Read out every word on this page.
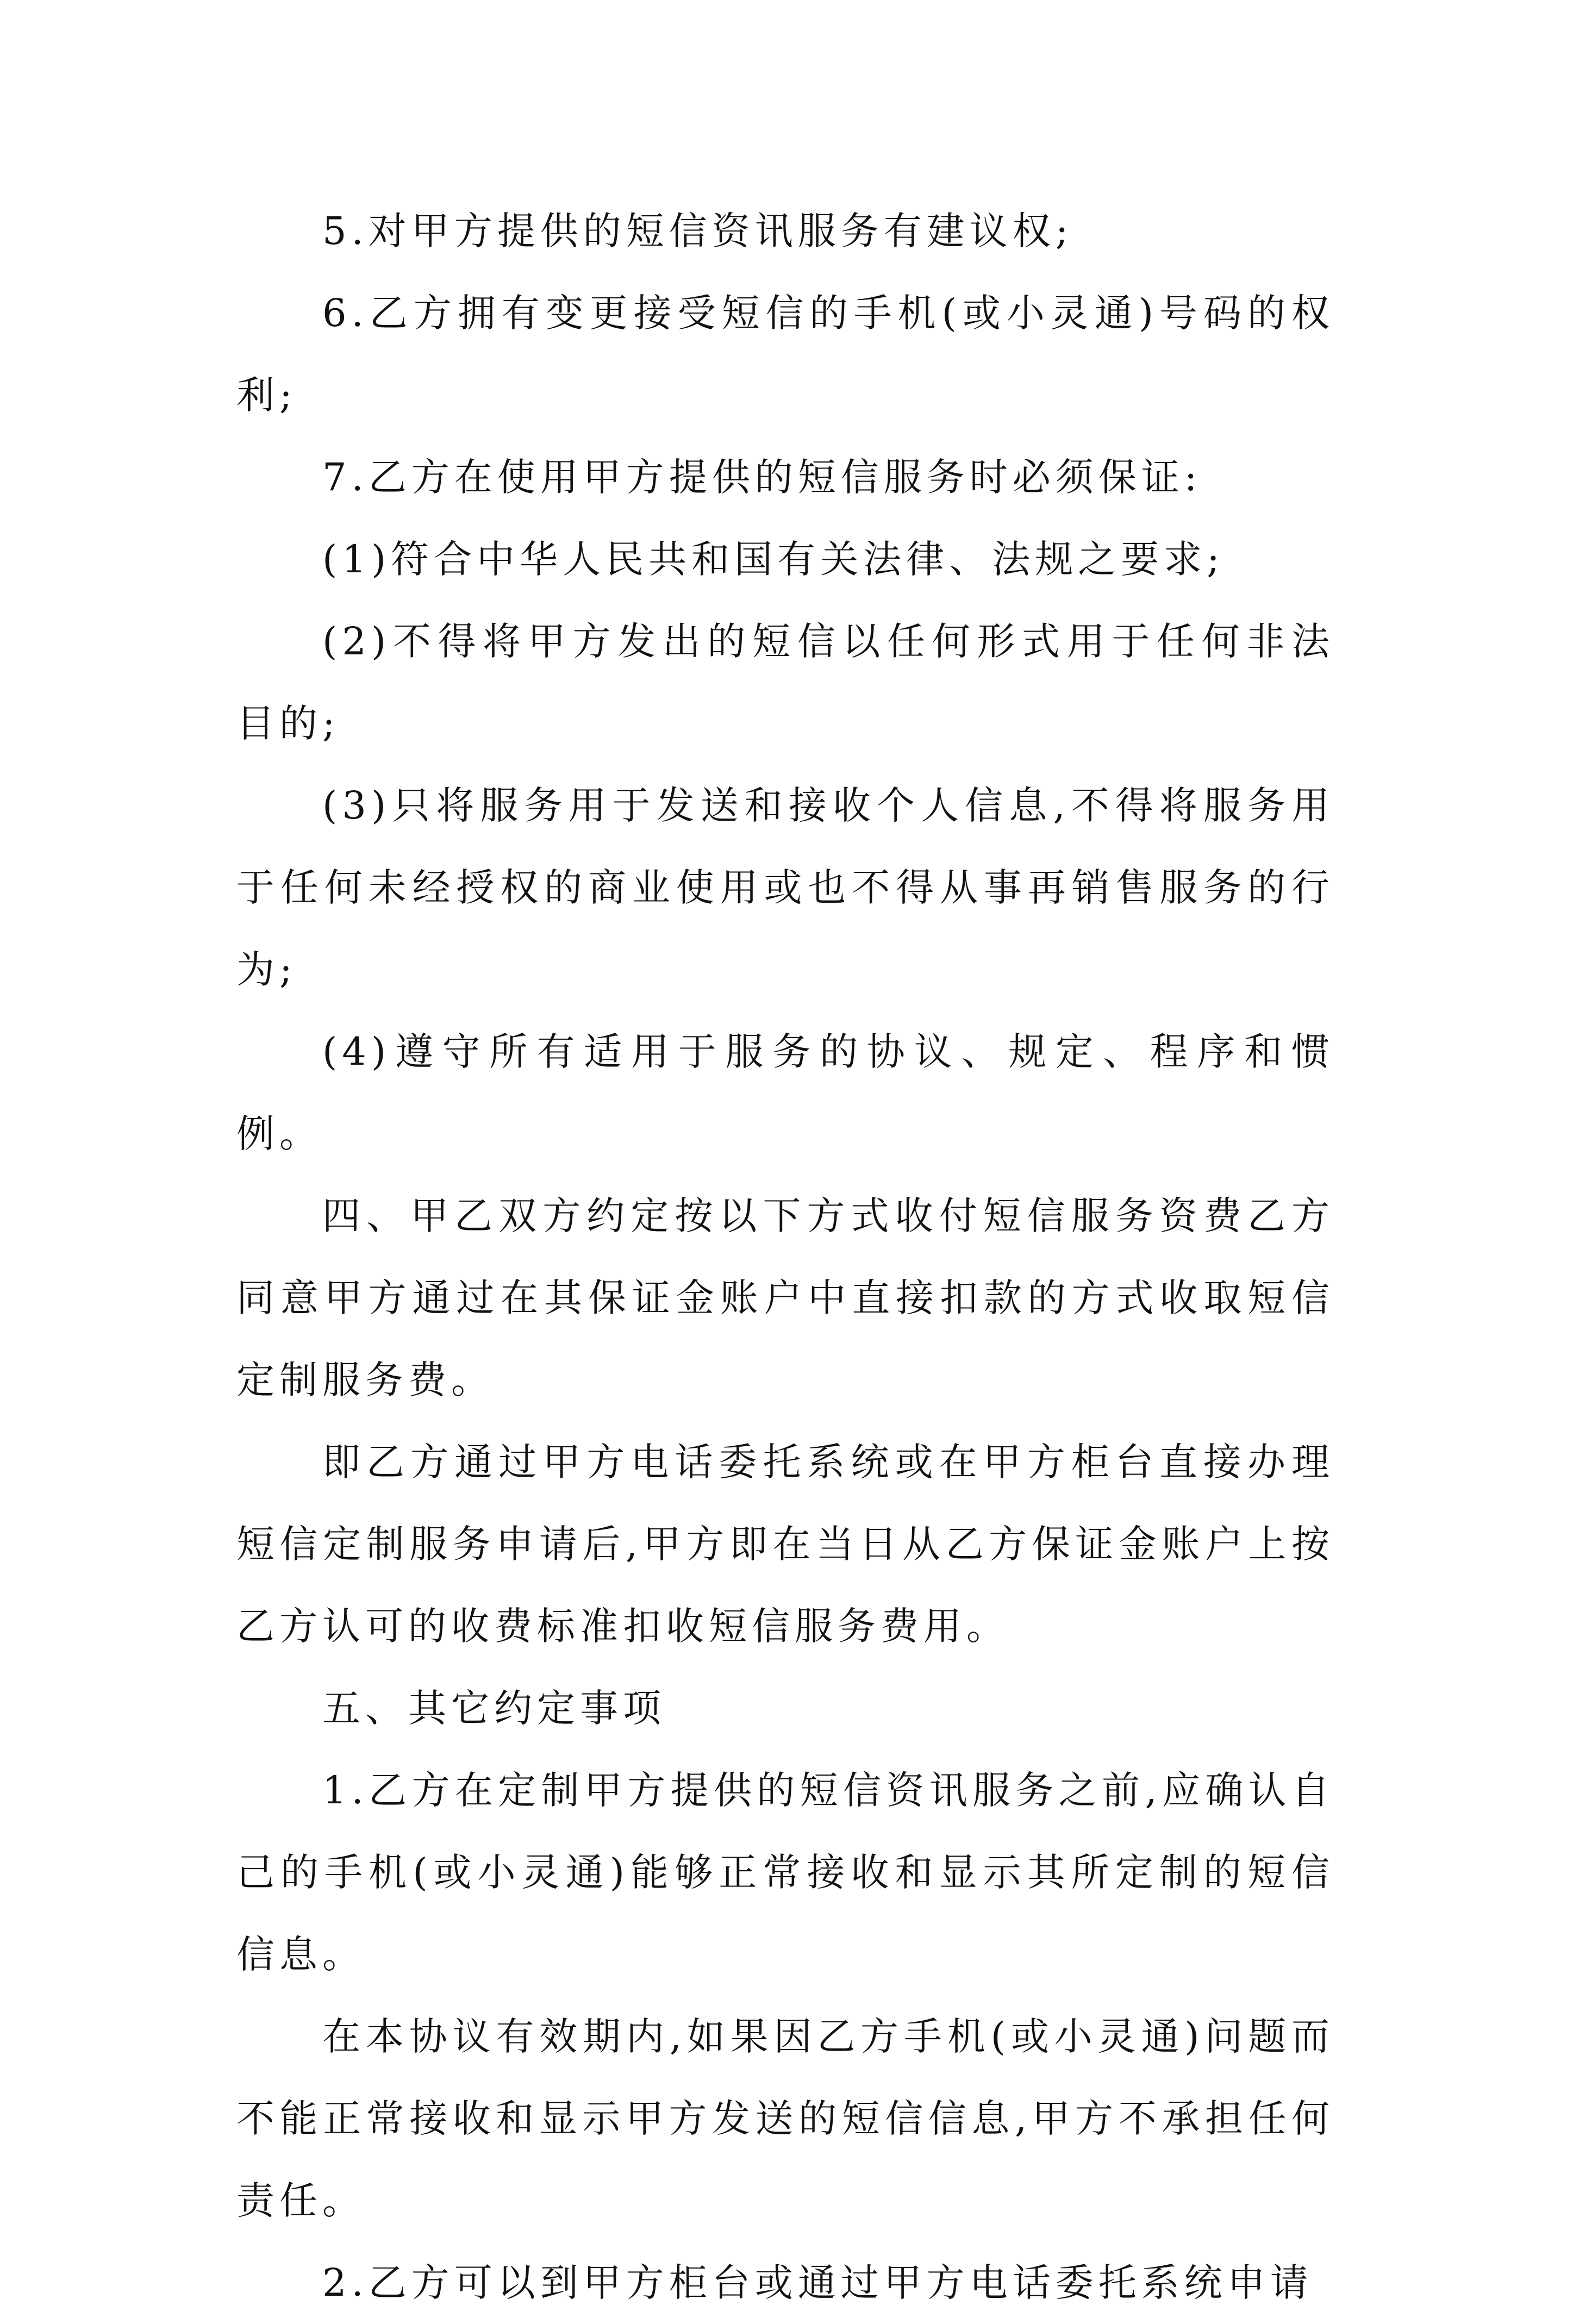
5.对甲方提供的短信资讯服务有建议权;

6.乙方拥有变更接受短信的手机(或小灵通)号码的权利;

7.乙方在使用甲方提供的短信服务时必须保证:

(1)符合中华人民共和国有关法律、法规之要求;

(2)不得将甲方发出的短信以任何形式用于任何非法目的;

(3)只将服务用于发送和接收个人信息,不得将服务用于任何未经授权的商业使用或也不得从事再销售服务的行为;

(4)遵守所有适用于服务的协议、规定、程序和惯例。

四、甲乙双方约定按以下方式收付短信服务资费乙方同意甲方通过在其保证金账户中直接扣款的方式收取短信定制服务费。

即乙方通过甲方电话委托系统或在甲方柜台直接办理短信定制服务申请后,甲方即在当日从乙方保证金账户上按乙方认可的收费标准扣收短信服务费用。

五、其它约定事项

1.乙方在定制甲方提供的短信资讯服务之前,应确认自己的手机(或小灵通)能够正常接收和显示其所定制的短信信息。

在本协议有效期内,如果因乙方手机(或小灵通)问题而不能正常接收和显示甲方发送的短信信息,甲方不承担任何责任。

2.乙方可以到甲方柜台或通过甲方电话委托系统申请
